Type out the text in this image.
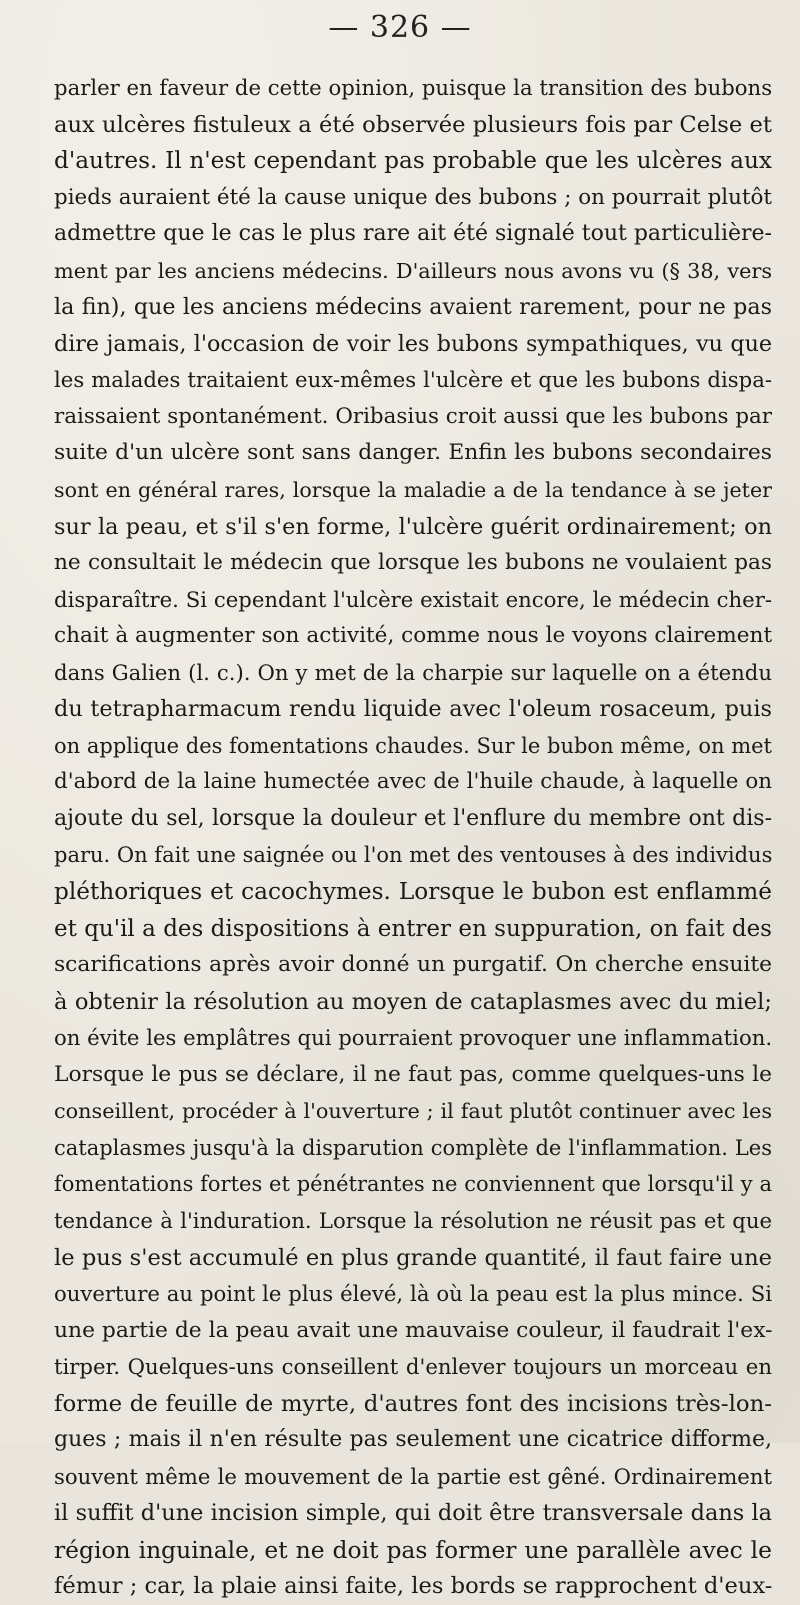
— 326 —
parler en faveur de cette opinion, puisque la transition des bubons
aux ulcères fistuleux a été observée plusieurs fois par Celse et
d'autres. Il n'est cependant pas probable que les ulcères aux
pieds auraient été la cause unique des bubons ; on pourrait plutôt
admettre que le cas le plus rare ait été signalé tout particulière-
ment par les anciens médecins. D'ailleurs nous avons vu (§ 38, vers
la fin), que les anciens médecins avaient rarement, pour ne pas
dire jamais, l'occasion de voir les bubons sympathiques, vu que
les malades traitaient eux-mêmes l'ulcère et que les bubons dispa-
raissaient spontanément. Oribasius croit aussi que les bubons par
suite d'un ulcère sont sans danger. Enfin les bubons secondaires
sont en général rares, lorsque la maladie a de la tendance à se jeter
sur la peau, et s'il s'en forme, l'ulcère guérit ordinairement; on
ne consultait le médecin que lorsque les bubons ne voulaient pas
disparaître. Si cependant l'ulcère existait encore, le médecin cher-
chait à augmenter son activité, comme nous le voyons clairement
dans Galien (l. c.). On y met de la charpie sur laquelle on a étendu
du tetrapharmacum rendu liquide avec l'oleum rosaceum, puis
on applique des fomentations chaudes. Sur le bubon même, on met
d'abord de la laine humectée avec de l'huile chaude, à laquelle on
ajoute du sel, lorsque la douleur et l'enflure du membre ont dis-
paru. On fait une saignée ou l'on met des ventouses à des individus
pléthoriques et cacochymes. Lorsque le bubon est enflammé
et qu'il a des dispositions à entrer en suppuration, on fait des
scarifications après avoir donné un purgatif. On cherche ensuite
à obtenir la résolution au moyen de cataplasmes avec du miel;
on évite les emplâtres qui pourraient provoquer une inflammation.
Lorsque le pus se déclare, il ne faut pas, comme quelques-uns le
conseillent, procéder à l'ouverture ; il faut plutôt continuer avec les
cataplasmes jusqu'à la disparution complète de l'inflammation. Les
fomentations fortes et pénétrantes ne conviennent que lorsqu'il y a
tendance à l'induration. Lorsque la résolution ne réusit pas et que
le pus s'est accumulé en plus grande quantité, il faut faire une
ouverture au point le plus élevé, là où la peau est la plus mince. Si
une partie de la peau avait une mauvaise couleur, il faudrait l'ex-
tirper. Quelques-uns conseillent d'enlever toujours un morceau en
forme de feuille de myrte, d'autres font des incisions très-lon-
gues ; mais il n'en résulte pas seulement une cicatrice difforme,
souvent même le mouvement de la partie est gêné. Ordinairement
il suffit d'une incision simple, qui doit être transversale dans la
région inguinale, et ne doit pas former une parallèle avec le
fémur ; car, la plaie ainsi faite, les bords se rapprochent d'eux-
